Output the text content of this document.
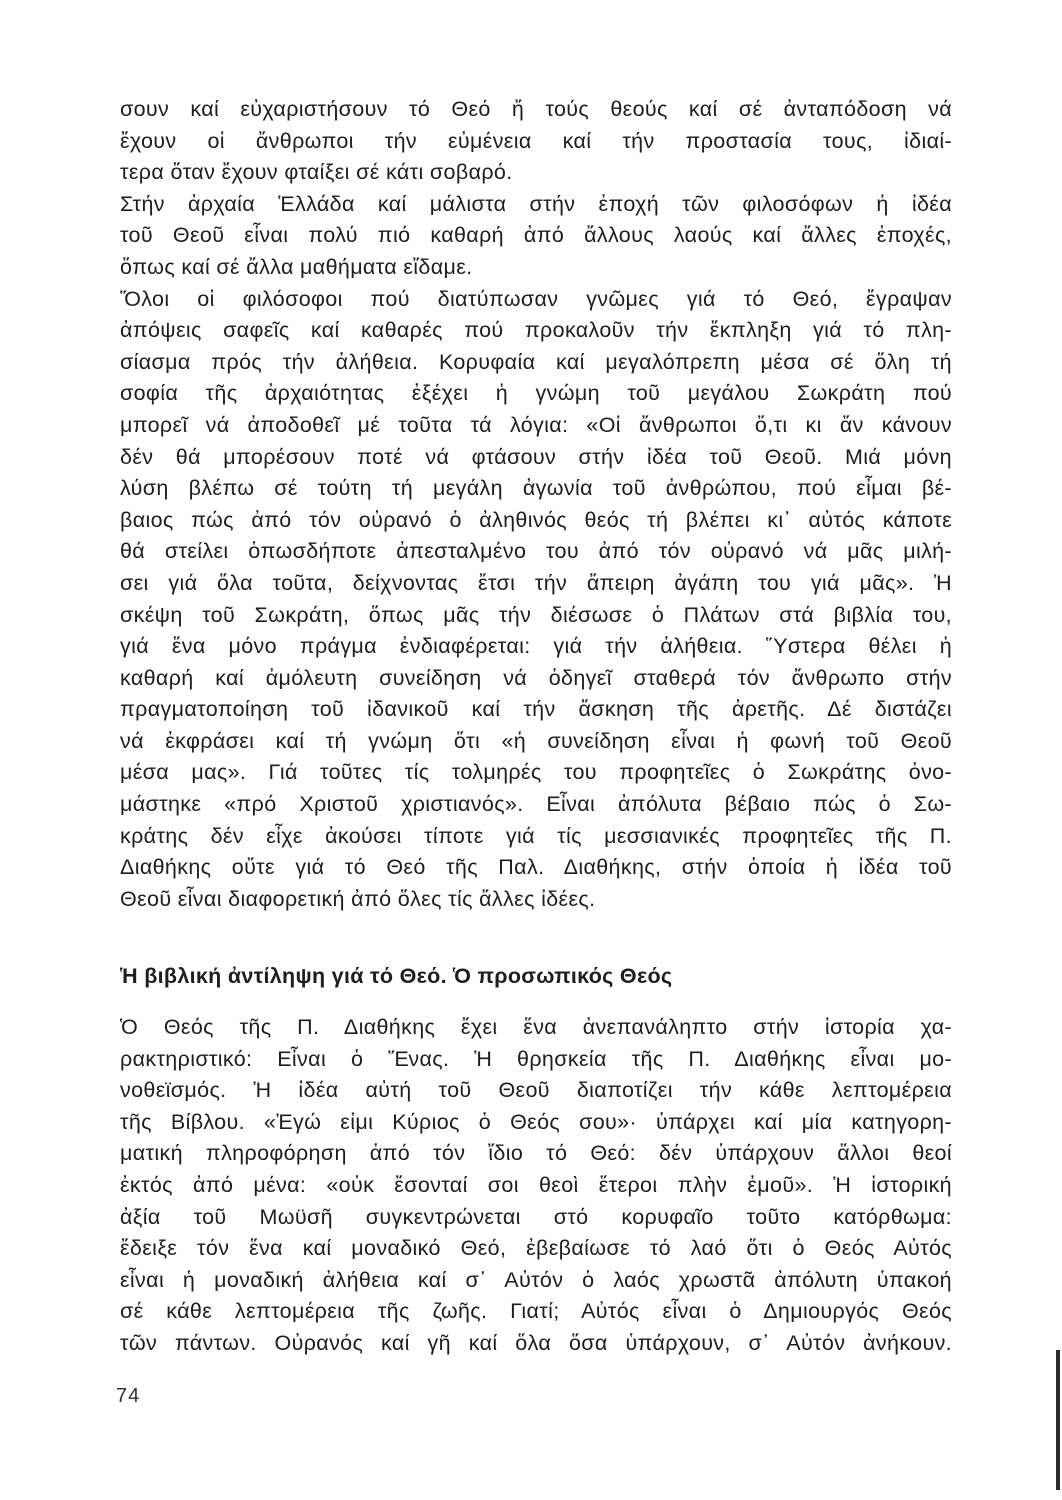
σουν καί εὐχαριστήσουν τό Θεό ἤ τούς θεούς καί σέ ἀνταπόδοση νά
ἔχουν οἱ ἄνθρωποι τήν εὐμένεια καί τήν προστασία τους, ἰδιαί-
τερα ὅταν ἔχουν φταίξει σέ κάτι σοβαρό.
Στήν ἀρχαία Ἑλλάδα καί μάλιστα στήν ἐποχή τῶν φιλοσόφων ἡ ἰδέα
τοῦ Θεοῦ εἶναι πολύ πιό καθαρή ἀπό ἄλλους λαούς καί ἄλλες ἐποχές,
ὅπως καί σέ ἄλλα μαθήματα εἴδαμε.
Ὅλοι οἱ φιλόσοφοι πού διατύπωσαν γνῶμες γιά τό Θεό, ἔγραψαν
ἀπόψεις σαφεῖς καί καθαρές πού προκαλοῦν τήν ἔκπληξη γιά τό πλη-
σίασμα πρός τήν ἀλήθεια. Κορυφαία καί μεγαλόπρεπη μέσα σέ ὅλη τή
σοφία τῆς ἀρχαιότητας ἐξέχει ἡ γνώμη τοῦ μεγάλου Σωκράτη πού
μπορεῖ νά ἀποδοθεῖ μέ τοῦτα τά λόγια: «Οἱ ἄνθρωποι ὅ,τι κι ἄν κάνουν
δέν θά μπορέσουν ποτέ νά φτάσουν στήν ἰδέα τοῦ Θεοῦ. Μιά μόνη
λύση βλέπω σέ τούτη τή μεγάλη ἀγωνία τοῦ ἀνθρώπου, πού εἶμαι βέ-
βαιος πώς ἀπό τόν οὐρανό ὁ ἀληθινός θεός τή βλέπει κι᾽ αὐτός κάποτε
θά στείλει ὁπωσδήποτε ἀπεσταλμένο του ἀπό τόν οὐρανό νά μᾶς μιλή-
σει γιά ὅλα τοῦτα, δείχνοντας ἔτσι τήν ἄπειρη ἀγάπη του γιά μᾶς». Ἡ
σκέψη τοῦ Σωκράτη, ὅπως μᾶς τήν διέσωσε ὁ Πλάτων στά βιβλία του,
γιά ἕνα μόνο πράγμα ἐνδιαφέρεται: γιά τήν ἀλήθεια. Ὕστερα θέλει ἡ
καθαρή καί ἀμόλευτη συνείδηση νά ὁδηγεῖ σταθερά τόν ἄνθρωπο στήν
πραγματοποίηση τοῦ ἰδανικοῦ καί τήν ἄσκηση τῆς ἀρετῆς. Δέ διστάζει
νά ἐκφράσει καί τή γνώμη ὅτι «ἡ συνείδηση εἶναι ἡ φωνή τοῦ Θεοῦ
μέσα μας». Γιά τοῦτες τίς τολμηρές του προφητεῖες ὁ Σωκράτης ὀνο-
μάστηκε «πρό Χριστοῦ χριστιανός». Εἶναι ἀπόλυτα βέβαιο πώς ὁ Σω-
κράτης δέν εἶχε ἀκούσει τίποτε γιά τίς μεσσιανικές προφητεῖες τῆς Π.
Διαθήκης οὔτε γιά τό Θεό τῆς Παλ. Διαθήκης, στήν ὁποία ἡ ἰδέα τοῦ
Θεοῦ εἶναι διαφορετική ἀπό ὅλες τίς ἄλλες ἰδέες.
Ἡ βιβλική ἀντίληψη γιά τό Θεό. Ὁ προσωπικός Θεός
Ὁ Θεός τῆς Π. Διαθήκης ἔχει ἕνα ἀνεπανάληπτο στήν ἱστορία χα-
ρακτηριστικό: Εἶναι ὁ Ἕνας. Ἡ θρησκεία τῆς Π. Διαθήκης εἶναι μο-
νοθεϊσμός. Ἡ ἰδέα αὐτή τοῦ Θεοῦ διαποτίζει τήν κάθε λεπτομέρεια
τῆς Βίβλου. «Ἐγώ εἰμι Κύριος ὁ Θεός σου»· ὑπάρχει καί μία κατηγορη-
ματική πληροφόρηση ἀπό τόν ἴδιο τό Θεό: δέν ὑπάρχουν ἄλλοι θεοί
ἐκτός ἀπό μένα: «οὐκ ἔσονταί σοι θεοὶ ἕτεροι πλὴν ἐμοῦ». Ἡ ἱστορική
ἀξία τοῦ Μωϋσῆ συγκεντρώνεται στό κορυφαῖο τοῦτο κατόρθωμα:
ἔδειξε τόν ἕνα καί μοναδικό Θεό, ἐβεβαίωσε τό λαό ὅτι ὁ Θεός Αὐτός
εἶναι ἡ μοναδική ἀλήθεια καί σ᾽ Αὐτόν ὁ λαός χρωστᾶ ἀπόλυτη ὑπακοή
σέ κάθε λεπτομέρεια τῆς ζωῆς. Γιατί; Αὐτός εἶναι ὁ Δημιουργός Θεός
τῶν πάντων. Οὐρανός καί γῆ καί ὅλα ὅσα ὑπάρχουν, σ᾽ Αὐτόν ἀνήκουν.
74
